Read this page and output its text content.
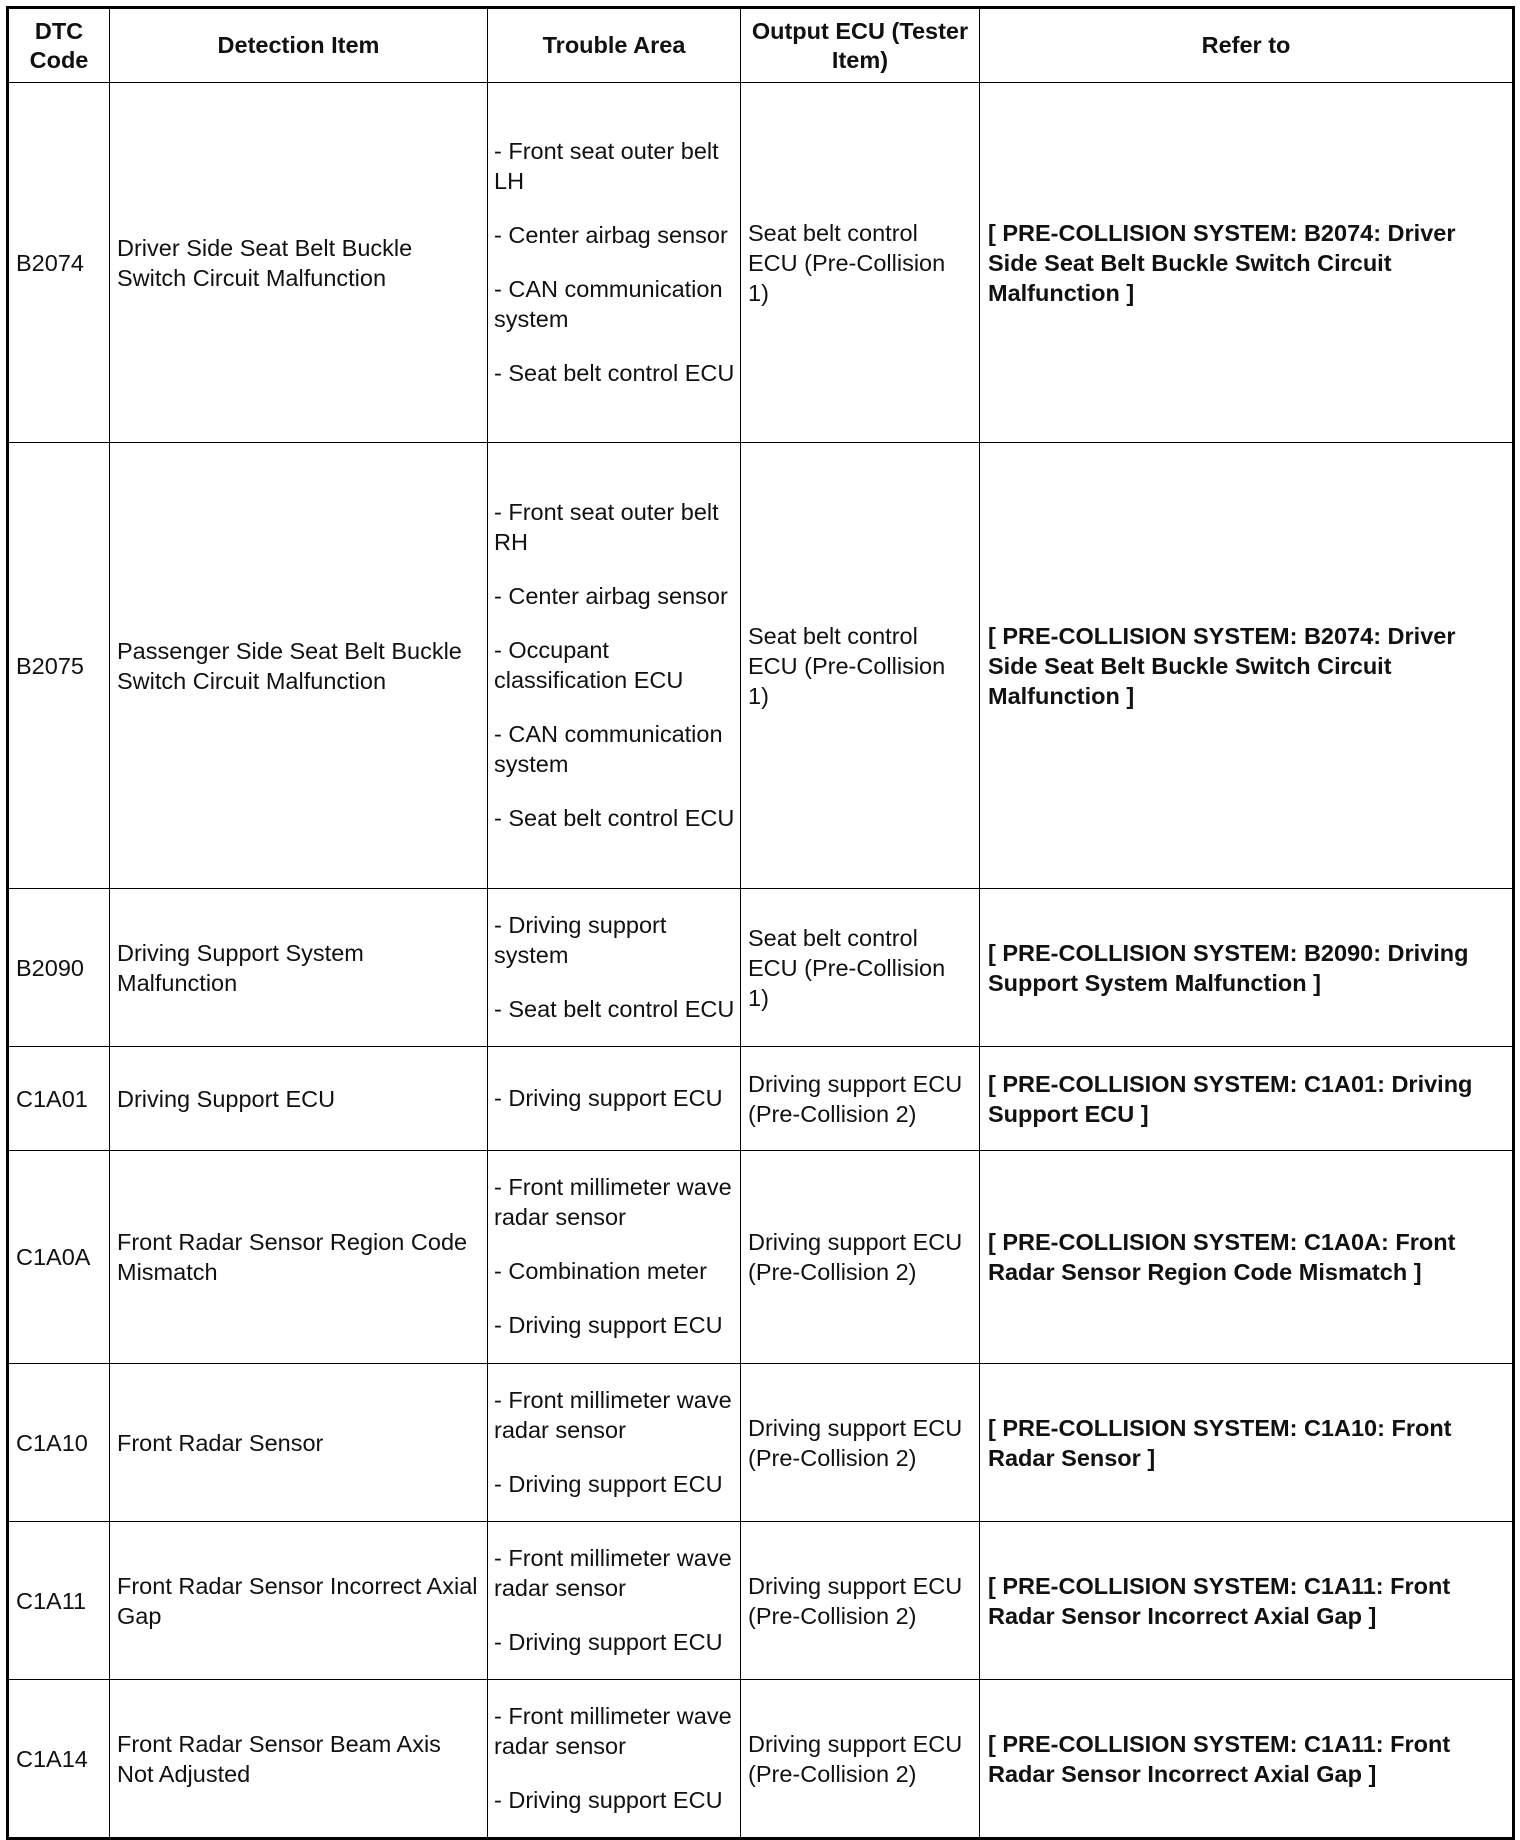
DTC Code	Detection Item	Trouble Area	Output ECU (Tester Item)	Refer to
B2074	Driver Side Seat Belt Buckle Switch Circuit Malfunction	- Front seat outer belt LH
- Center airbag sensor
- CAN communication system
- Seat belt control ECU	Seat belt control ECU (Pre-Collision 1)	[ PRE-COLLISION SYSTEM: B2074: Driver Side Seat Belt Buckle Switch Circuit Malfunction ]
B2075	Passenger Side Seat Belt Buckle Switch Circuit Malfunction	- Front seat outer belt RH
- Center airbag sensor
- Occupant classification ECU
- CAN communication system
- Seat belt control ECU	Seat belt control ECU (Pre-Collision 1)	[ PRE-COLLISION SYSTEM: B2074: Driver Side Seat Belt Buckle Switch Circuit Malfunction ]
B2090	Driving Support System Malfunction	- Driving support system
- Seat belt control ECU	Seat belt control ECU (Pre-Collision 1)	[ PRE-COLLISION SYSTEM: B2090: Driving Support System Malfunction ]
C1A01	Driving Support ECU	- Driving support ECU	Driving support ECU (Pre-Collision 2)	[ PRE-COLLISION SYSTEM: C1A01: Driving Support ECU ]
C1A0A	Front Radar Sensor Region Code Mismatch	- Front millimeter wave radar sensor
- Combination meter
- Driving support ECU	Driving support ECU (Pre-Collision 2)	[ PRE-COLLISION SYSTEM: C1A0A: Front Radar Sensor Region Code Mismatch ]
C1A10	Front Radar Sensor	- Front millimeter wave radar sensor
- Driving support ECU	Driving support ECU (Pre-Collision 2)	[ PRE-COLLISION SYSTEM: C1A10: Front Radar Sensor ]
C1A11	Front Radar Sensor Incorrect Axial Gap	- Front millimeter wave radar sensor
- Driving support ECU	Driving support ECU (Pre-Collision 2)	[ PRE-COLLISION SYSTEM: C1A11: Front Radar Sensor Incorrect Axial Gap ]
C1A14	Front Radar Sensor Beam Axis Not Adjusted	- Front millimeter wave radar sensor
- Driving support ECU	Driving support ECU (Pre-Collision 2)	[ PRE-COLLISION SYSTEM: C1A11: Front Radar Sensor Incorrect Axial Gap ]
